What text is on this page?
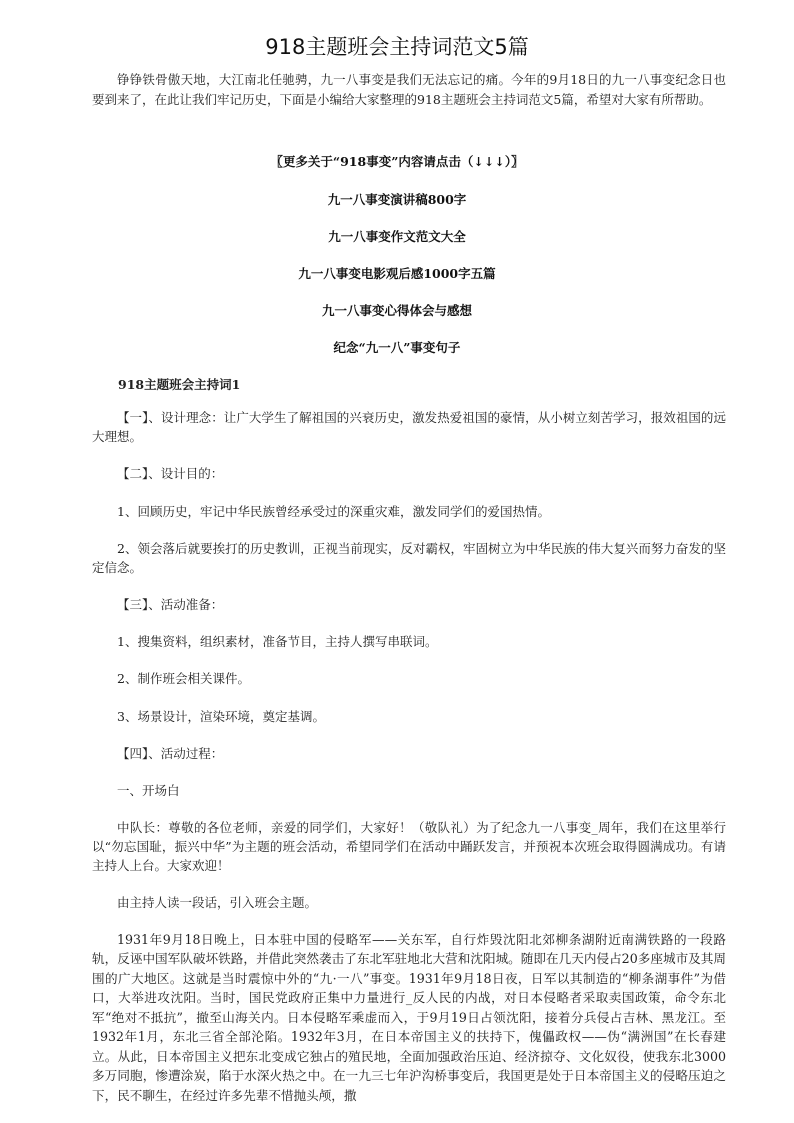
918主题班会主持词范文5篇

铮铮铁骨傲天地，大江南北任驰骋，九一八事变是我们无法忘记的痛。今年的9月18日的九一八事变纪念日也要到来了，在此让我们牢记历史，下面是小编给大家整理的918主题班会主持词范文5篇，希望对大家有所帮助。

〖更多关于“918事变”内容请点击（↓↓↓）〗
九一八事变演讲稿800字
九一八事变作文范文大全
九一八事变电影观后感1000字五篇
九一八事变心得体会与感想
纪念“九一八”事变句子
918主题班会主持词1

【一】、设计理念：让广大学生了解祖国的兴衰历史，激发热爱祖国的豪情，从小树立刻苦学习，报效祖国的远大理想。

【二】、设计目的：

1、回顾历史，牢记中华民族曾经承受过的深重灾难，激发同学们的爱国热情。

2、领会落后就要挨打的历史教训，正视当前现实，反对霸权，牢固树立为中华民族的伟大复兴而努力奋发的坚定信念。

【三】、活动准备：

1、搜集资料，组织素材，准备节目，主持人撰写串联词。

2、制作班会相关课件。

3、场景设计，渲染环境，奠定基调。

【四】、活动过程：

一、开场白

中队长：尊敬的各位老师，亲爱的同学们，大家好！（敬队礼）为了纪念九一八事变_周年，我们在这里举行以“勿忘国耻，振兴中华”为主题的班会活动，希望同学们在活动中踊跃发言，并预祝本次班会取得圆满成功。有请主持人上台。大家欢迎！

由主持人读一段话，引入班会主题。

1931年9月18日晚上，日本驻中国的侵略军——关东军，自行炸毁沈阳北郊柳条湖附近南满铁路的一段路轨，反诬中国军队破坏铁路，并借此突然袭击了东北军驻地北大营和沈阳城。随即在几天内侵占20多座城市及其周围的广大地区。这就是当时震惊中外的“九·一八”事变。1931年9月18日夜，日军以其制造的“柳条湖事件”为借口，大举进攻沈阳。当时，国民党政府正集中力量进行_反人民的内战，对日本侵略者采取卖国政策，命令东北军“绝对不抵抗”，撤至山海关内。日本侵略军乘虚而入，于9月19日占领沈阳，接着分兵侵占吉林、黑龙江。至1932年1月，东北三省全部沦陷。1932年3月，在日本帝国主义的扶持下，傀儡政权——伪“满洲国”在长春建立。从此，日本帝国主义把东北变成它独占的殖民地，全面加强政治压迫、经济掠夺、文化奴役，使我东北3000多万同胞，惨遭涂炭，陷于水深火热之中。在一九三七年沪沟桥事变后，我国更是处于日本帝国主义的侵略压迫之下，民不聊生，在经过许多先辈不惜抛头颅，撒
